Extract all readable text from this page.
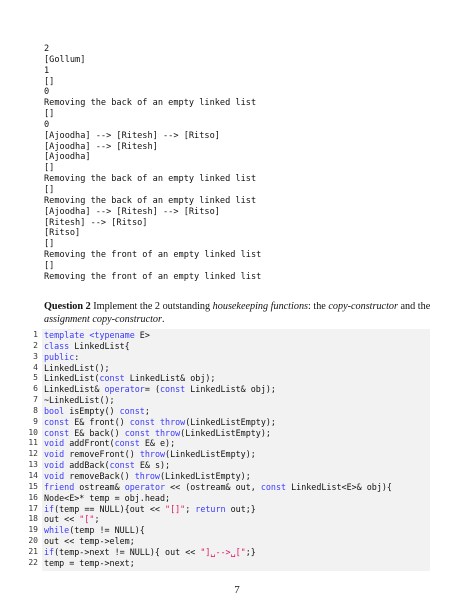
2
[Gollum]
1
[]
0
Removing the back of an empty linked list
[]
0
[Ajoodha] --> [Ritesh] --> [Ritso]
[Ajoodha] --> [Ritesh]
[Ajoodha]
[]
Removing the back of an empty linked list
[]
Removing the back of an empty linked list
[Ajoodha] --> [Ritesh] --> [Ritso]
[Ritesh] --> [Ritso]
[Ritso]
[]
Removing the front of an empty linked list
[]
Removing the front of an empty linked list
Question 2 Implement the 2 outstanding housekeeping functions: the copy-constructor and the assignment copy-constructor.
1 template <typename E>
2 class LinkedList{
3 public:
4 LinkedList();
5 LinkedList(const LinkedList& obj);
6 LinkedList& operator= (const LinkedList& obj);
7 ~LinkedList();
8 bool isEmpty() const;
9 const E& front() const throw(LinkedListEmpty);
10 const E& back() const throw(LinkedListEmpty);
11 void addFront(const E& e);
12 void removeFront() throw(LinkedListEmpty);
13 void addBack(const E& s);
14 void removeBack() throw(LinkedListEmpty);
15 friend ostream& operator << (ostream& out, const LinkedList<E>& obj){
16 Node<E>* temp = obj.head;
17 if(temp == NULL){out << "[]"; return out;}
18 out << "[";
19 while(temp != NULL){
20 out << temp->elem;
21 if(temp->next != NULL){ out << "]␣-->␣[";}
22 temp = temp->next;
7
